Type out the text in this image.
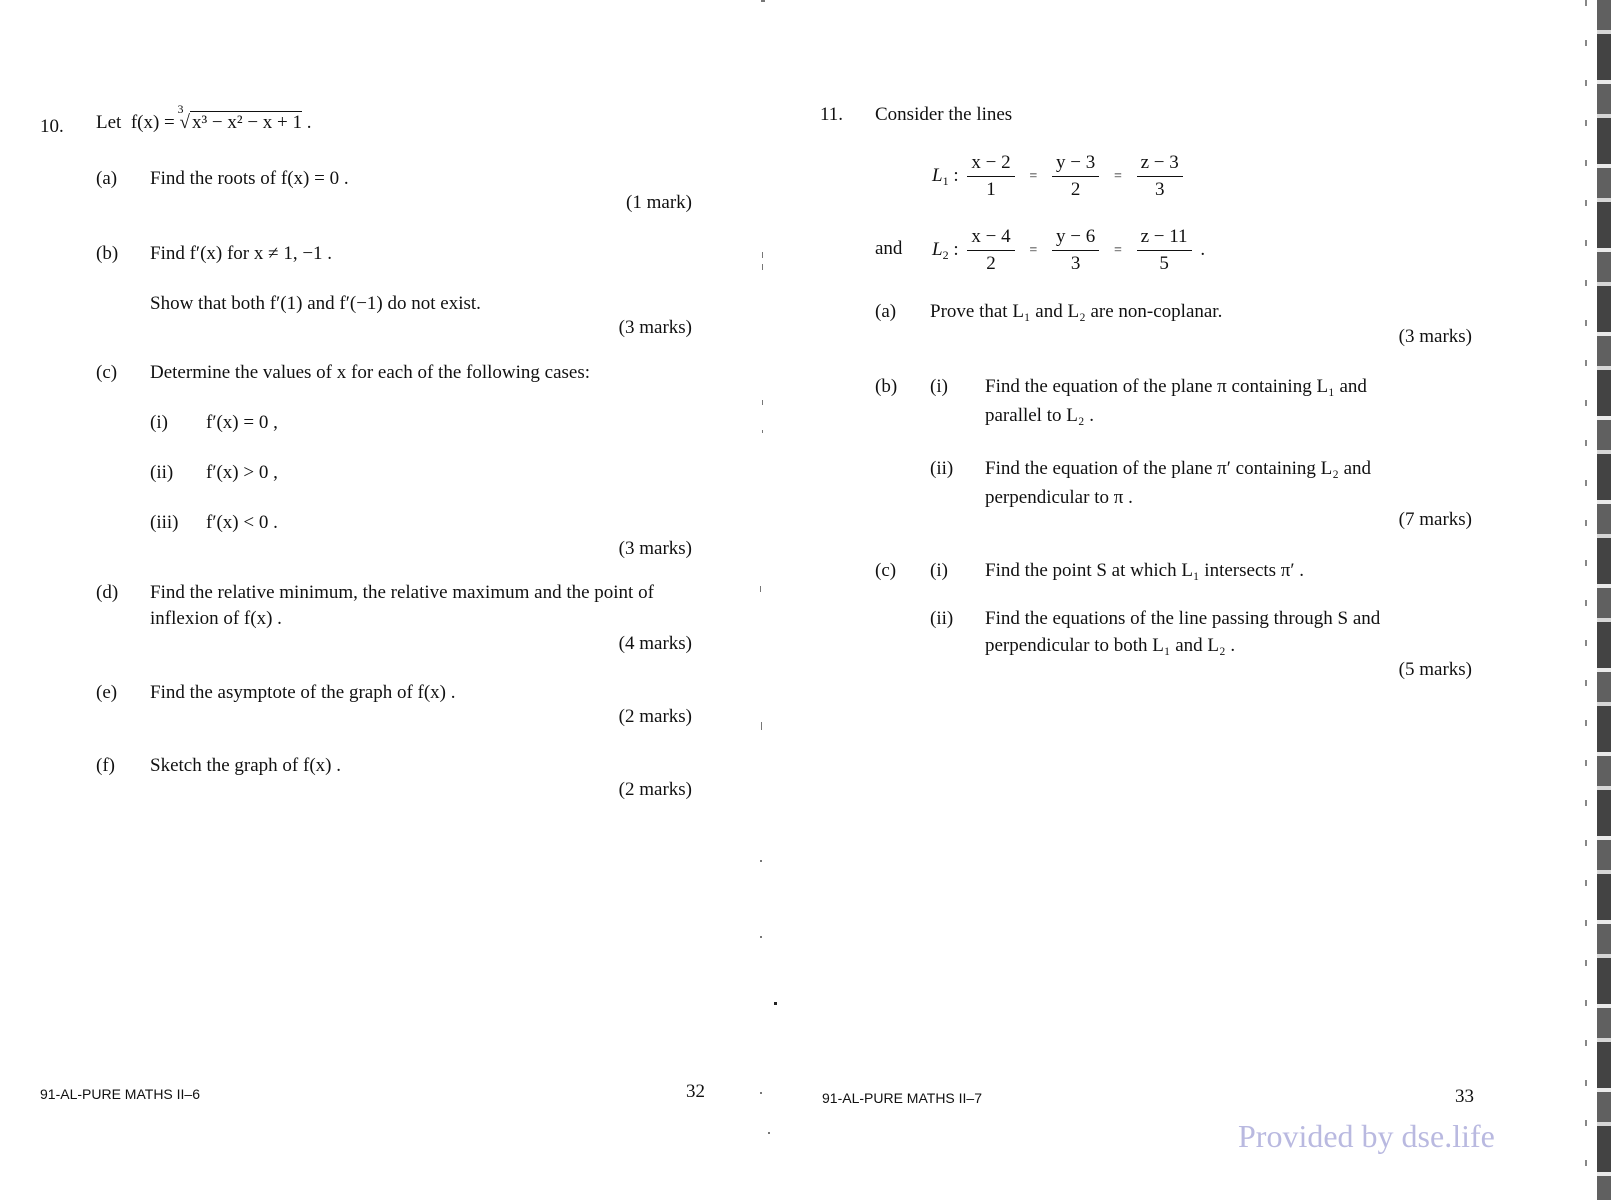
10. Let f(x) =
3
√ x³ − x² − x + 1 .
(a) Find the roots of f(x) = 0 .
(1 mark)
(b) Find f′(x) for x ≠ 1, −1 .
Show that both f′(1) and f′(−1) do not exist.
(3 marks)
(c) Determine the values of x for each of the following cases:
(i) f′(x) = 0 ,
(ii) f′(x) > 0 ,
(iii) f′(x) < 0 .
(3 marks)
(d) Find the relative minimum, the relative maximum and the point of
inflexion of f(x) .
(4 marks)
(e) Find the asymptote of the graph of f(x) .
(2 marks)
(f) Sketch the graph of f(x) .
(2 marks)
91-AL-PURE MATHS II–6	32
11. Consider the lines
$L_1$ : $\frac{x - 2}{1} = \frac{y - 3}{2} = \frac{z - 3}{3}$
and $L_2$ : $\frac{x - 4}{2} = \frac{y - 6}{3} = \frac{z - 11}{5}$ .
(a) Prove that L₁ and L₂ are non-coplanar.
(3 marks)
(b) (i) Find the equation of the plane π containing L₁ and
parallel to L₂ .
(ii) Find the equation of the plane π′ containing L₂ and
perpendicular to π .
(7 marks)
(c) (i) Find the point S at which L₁ intersects π′ .
(ii) Find the equations of the line passing through S and
perpendicular to both L₁ and L₂ .
(5 marks)
91-AL-PURE MATHS II–7	33
Provided by dse.life
